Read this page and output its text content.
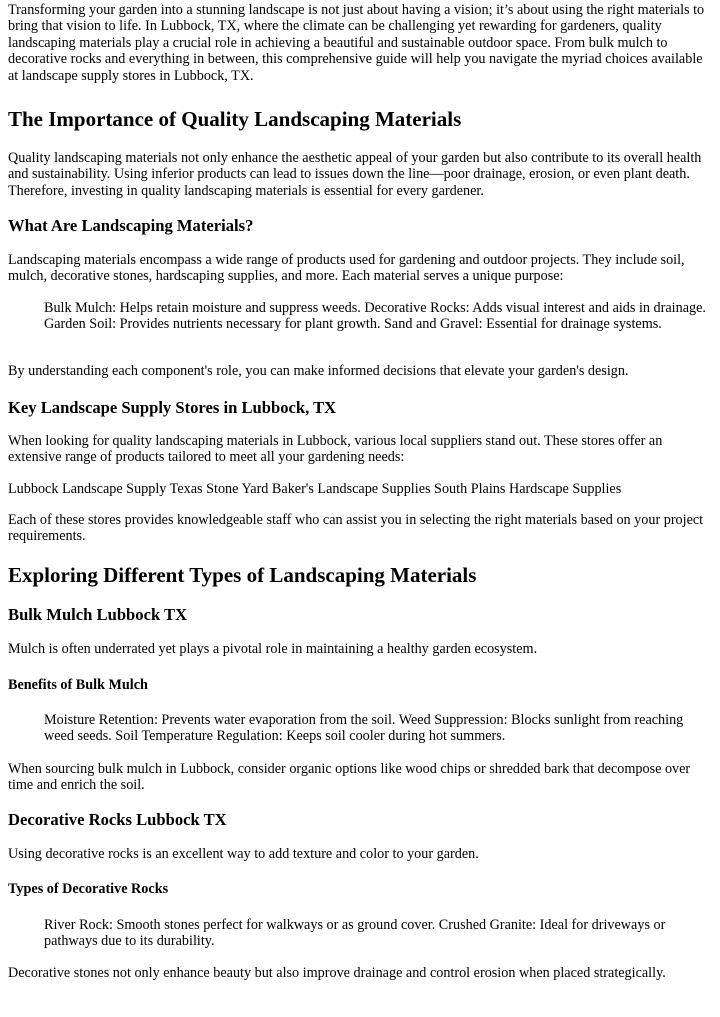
Transforming your garden into a stunning landscape is not just about having a vision; it’s about using the right materials to bring that vision to life. In Lubbock, TX, where the climate can be challenging yet rewarding for gardeners, quality landscaping materials play a crucial role in achieving a beautiful and sustainable outdoor space. From bulk mulch to decorative rocks and everything in between, this comprehensive guide will help you navigate the myriad choices available at landscape supply stores in Lubbock, TX.

The Importance of Quality Landscaping Materials

Quality landscaping materials not only enhance the aesthetic appeal of your garden but also contribute to its overall health and sustainability. Using inferior products can lead to issues down the line—poor drainage, erosion, or even plant death. Therefore, investing in quality landscaping materials is essential for every gardener.

What Are Landscaping Materials?

Landscaping materials encompass a wide range of products used for gardening and outdoor projects. They include soil, mulch, decorative stones, hardscaping supplies, and more. Each material serves a unique purpose:

Bulk Mulch: Helps retain moisture and suppress weeds. Decorative Rocks: Adds visual interest and aids in drainage. Garden Soil: Provides nutrients necessary for plant growth. Sand and Gravel: Essential for drainage systems.

By understanding each component's role, you can make informed decisions that elevate your garden's design.

Key Landscape Supply Stores in Lubbock, TX

When looking for quality landscaping materials in Lubbock, various local suppliers stand out. These stores offer an extensive range of products tailored to meet all your gardening needs:

Lubbock Landscape Supply Texas Stone Yard Baker's Landscape Supplies South Plains Hardscape Supplies

Each of these stores provides knowledgeable staff who can assist you in selecting the right materials based on your project requirements.

Exploring Different Types of Landscaping Materials
Bulk Mulch Lubbock TX

Mulch is often underrated yet plays a pivotal role in maintaining a healthy garden ecosystem.

Benefits of Bulk Mulch

Moisture Retention: Prevents water evaporation from the soil. Weed Suppression: Blocks sunlight from reaching weed seeds. Soil Temperature Regulation: Keeps soil cooler during hot summers.

When sourcing bulk mulch in Lubbock, consider organic options like wood chips or shredded bark that decompose over time and enrich the soil.

Decorative Rocks Lubbock TX

Using decorative rocks is an excellent way to add texture and color to your garden.

Types of Decorative Rocks

River Rock: Smooth stones perfect for walkways or as ground cover. Crushed Granite: Ideal for driveways or pathways due to its durability.

Decorative stones not only enhance beauty but also improve drainage and control erosion when placed strategically.
